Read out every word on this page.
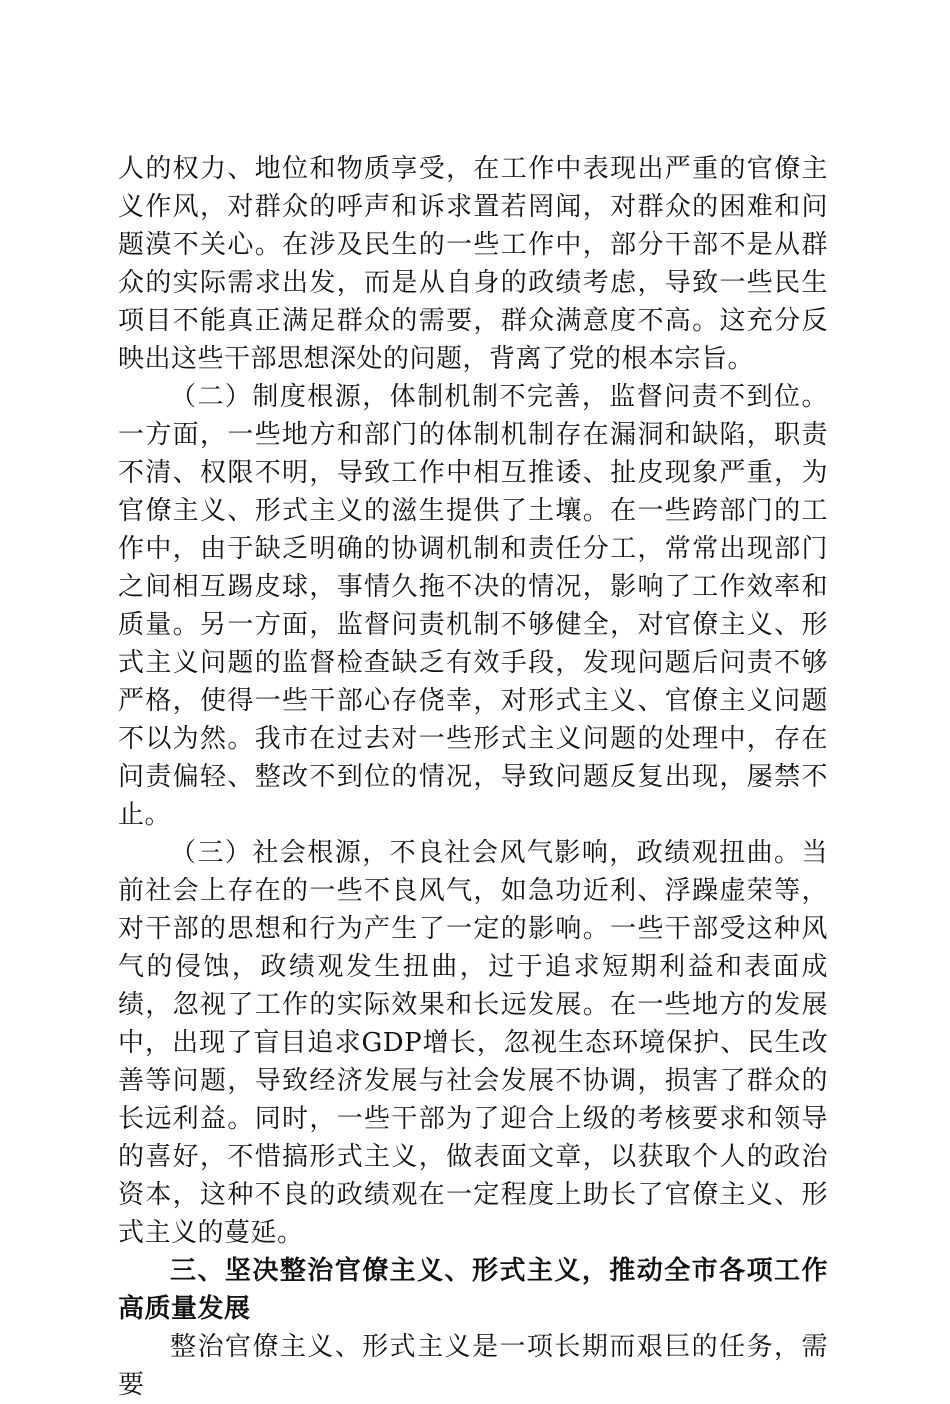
人的权力、地位和物质享受，在工作中表现出严重的官僚主义作风，对群众的呼声和诉求置若罔闻，对群众的困难和问题漠不关心。在涉及民生的一些工作中，部分干部不是从群众的实际需求出发，而是从自身的政绩考虑，导致一些民生项目不能真正满足群众的需要，群众满意度不高。这充分反映出这些干部思想深处的问题，背离了党的根本宗旨。

（二）制度根源，体制机制不完善，监督问责不到位。一方面，一些地方和部门的体制机制存在漏洞和缺陷，职责不清、权限不明，导致工作中相互推诿、扯皮现象严重，为官僚主义、形式主义的滋生提供了土壤。在一些跨部门的工作中，由于缺乏明确的协调机制和责任分工，常常出现部门之间相互踢皮球，事情久拖不决的情况，影响了工作效率和质量。另一方面，监督问责机制不够健全，对官僚主义、形式主义问题的监督检查缺乏有效手段，发现问题后问责不够严格，使得一些干部心存侥幸，对形式主义、官僚主义问题不以为然。我市在过去对一些形式主义问题的处理中，存在问责偏轻、整改不到位的情况，导致问题反复出现，屡禁不止。

（三）社会根源，不良社会风气影响，政绩观扭曲。当前社会上存在的一些不良风气，如急功近利、浮躁虚荣等，对干部的思想和行为产生了一定的影响。一些干部受这种风气的侵蚀，政绩观发生扭曲，过于追求短期利益和表面成绩，忽视了工作的实际效果和长远发展。在一些地方的发展中，出现了盲目追求GDP增长，忽视生态环境保护、民生改善等问题，导致经济发展与社会发展不协调，损害了群众的长远利益。同时，一些干部为了迎合上级的考核要求和领导的喜好，不惜搞形式主义，做表面文章，以获取个人的政治资本，这种不良的政绩观在一定程度上助长了官僚主义、形式主义的蔓延。

三、坚决整治官僚主义、形式主义，推动全市各项工作高质量发展

整治官僚主义、形式主义是一项长期而艰巨的任务，需要
